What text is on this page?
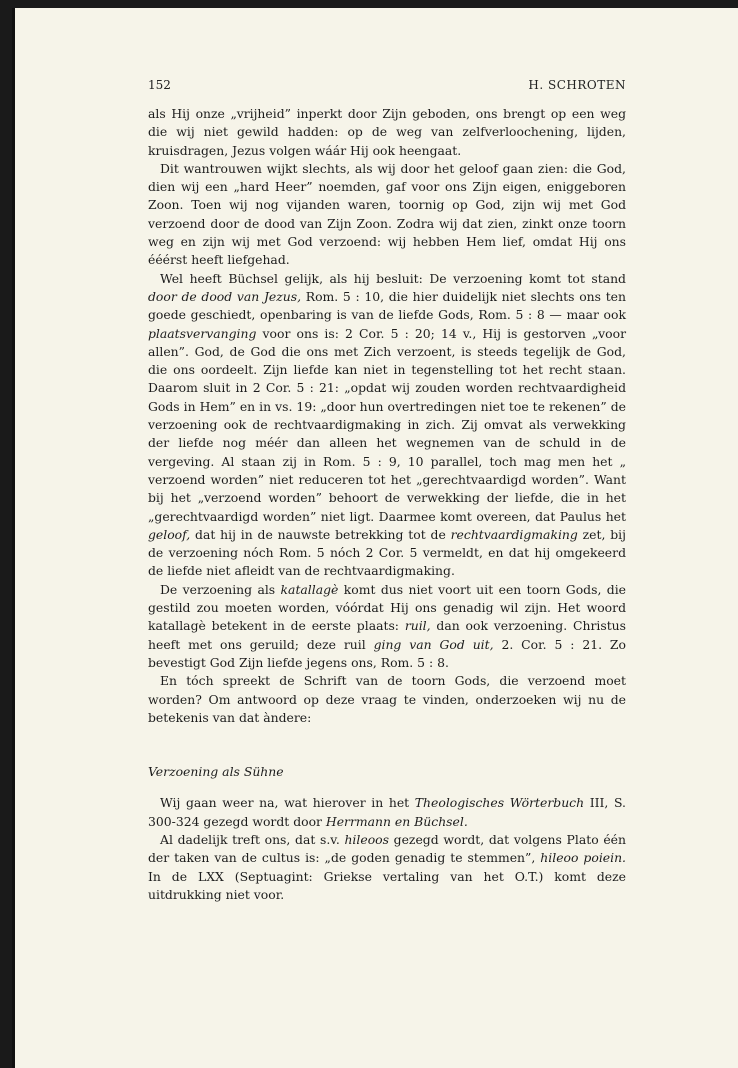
152	H. SCHROTEN

als Hij onze „vrijheid” inperkt door Zijn geboden, ons brengt op een weg die wij niet gewild hadden: op de weg van zelfverloochening, lijden, kruisdragen, Jezus volgen wáár Hij ook heengaat.

Dit wantrouwen wijkt slechts, als wij door het geloof gaan zien: die God, dien wij een „hard Heer” noemden, gaf voor ons Zijn eigen, eniggeboren Zoon. Toen wij nog vijanden waren, toornig op God, zijn wij met God verzoend door de dood van Zijn Zoon. Zodra wij dat zien, zinkt onze toorn weg en zijn wij met God verzoend: wij hebben Hem lief, omdat Hij ons ééérst heeft liefgehad.

Wel heeft Büchsel gelijk, als hij besluit: De verzoening komt tot stand door de dood van Jezus, Rom. 5 : 10, die hier duidelijk niet slechts ons ten goede geschiedt, openbaring is van de liefde Gods, Rom. 5 : 8 — maar ook plaatsvervanging voor ons is: 2 Cor. 5 : 20; 14 v., Hij is gestorven „voor allen”. God, de God die ons met Zich verzoent, is steeds tegelijk de God, die ons oordeelt. Zijn liefde kan niet in tegenstelling tot het recht staan. Daarom sluit in 2 Cor. 5 : 21: „opdat wij zouden worden rechtvaardigheid Gods in Hem” en in vs. 19: „door hun overtredingen niet toe te rekenen” de verzoening ook de rechtvaardigmaking in zich. Zij omvat als verwekking der liefde nog méér dan alleen het wegnemen van de schuld in de vergeving. Al staan zij in Rom. 5 : 9, 10 parallel, toch mag men het „ verzoend worden” niet reduceren tot het „gerechtvaardigd worden”. Want bij het „verzoend worden” behoort de verwekking der liefde, die in het „gerechtvaardigd worden” niet ligt. Daarmee komt overeen, dat Paulus het geloof, dat hij in de nauwste betrekking tot de rechtvaardigmaking zet, bij de verzoening nóch Rom. 5 nóch 2 Cor. 5 vermeldt, en dat hij omgekeerd de liefde niet afleidt van de rechtvaardigmaking.

De verzoening als katallagè komt dus niet voort uit een toorn Gods, die gestild zou moeten worden, vóórdat Hij ons genadig wil zijn. Het woord katallagè betekent in de eerste plaats: ruil, dan ook verzoening. Christus heeft met ons geruild; deze ruil ging van God uit, 2. Cor. 5 : 21. Zo bevestigt God Zijn liefde jegens ons, Rom. 5 : 8.

En tóch spreekt de Schrift van de toorn Gods, die verzoend moet worden? Om antwoord op deze vraag te vinden, onderzoeken wij nu de betekenis van dat àndere:

Verzoening als Sühne

Wij gaan weer na, wat hierover in het Theologisches Wörterbuch III, S. 300-324 gezegd wordt door Herrmann en Büchsel.

Al dadelijk treft ons, dat s.v. hileoos gezegd wordt, dat volgens Plato één der taken van de cultus is: „de goden genadig te stemmen”, hileoo poiein. In de LXX (Septuagint: Griekse vertaling van het O.T.) komt deze uitdrukking niet voor.
